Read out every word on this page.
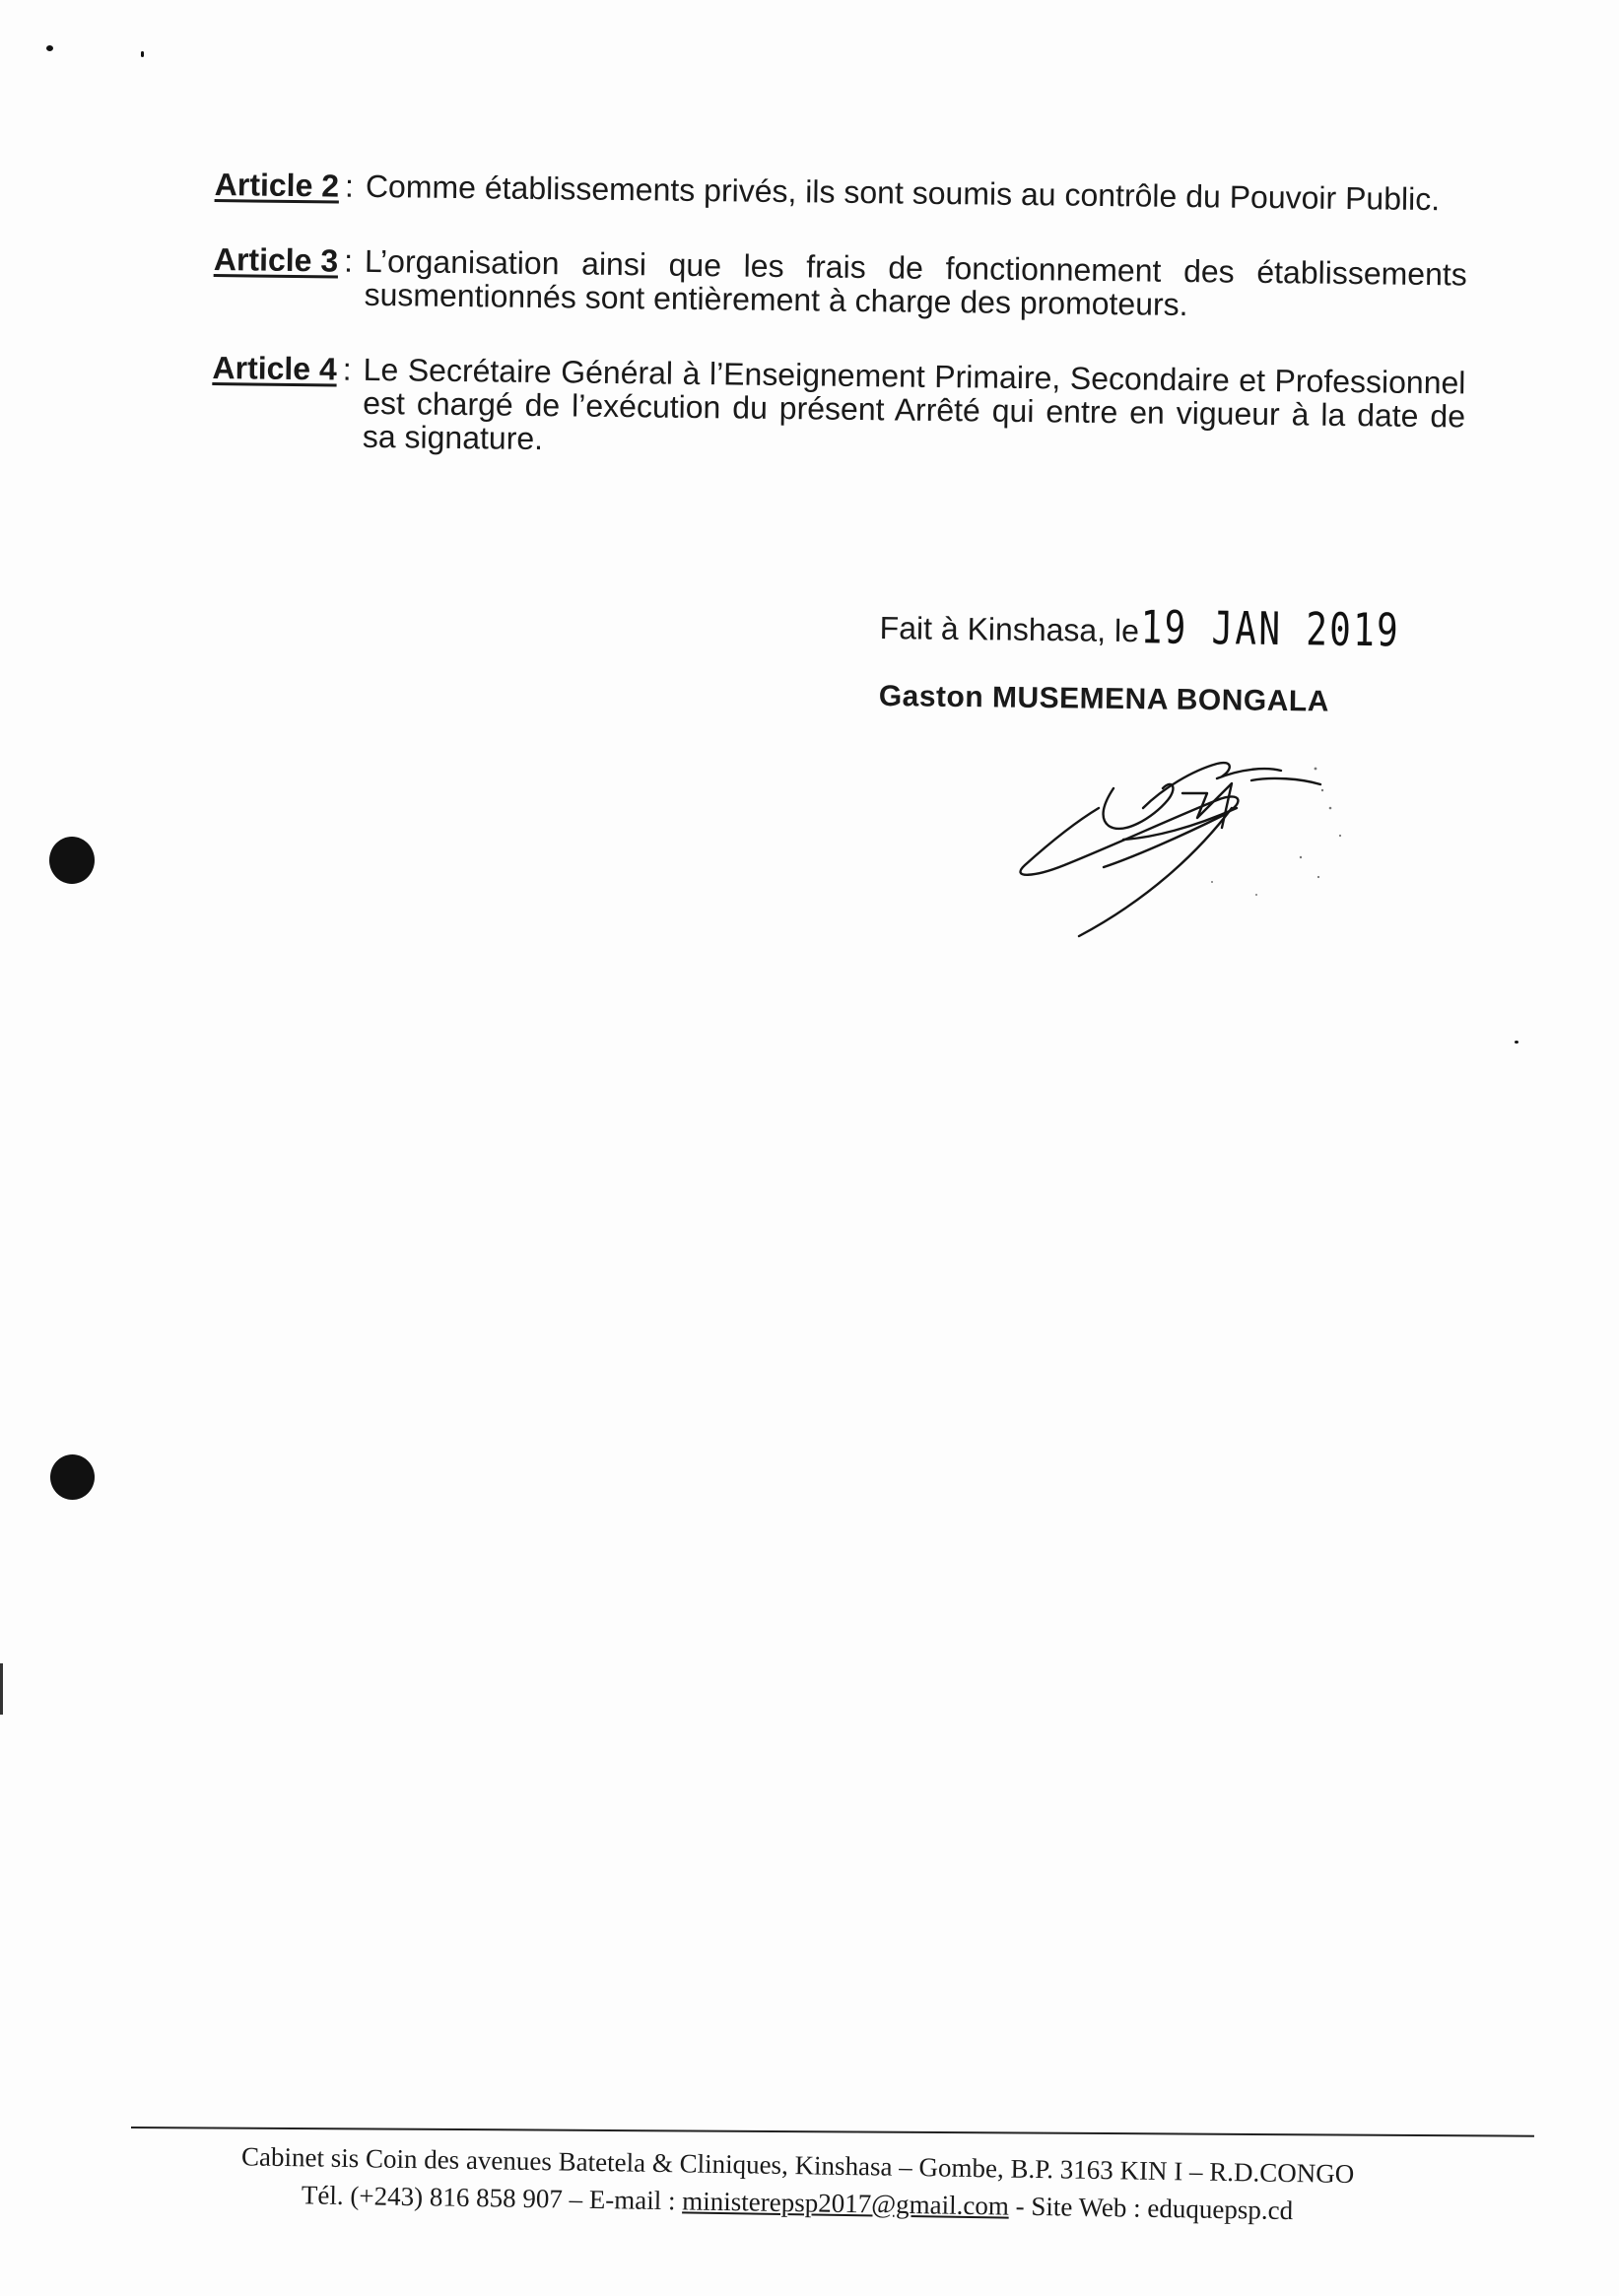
Article 2 : Comme établissements privés, ils sont soumis au contrôle du Pouvoir Public.
Article 3 : L’organisation ainsi que les frais de fonctionnement des établissements susmentionnés sont entièrement à charge des promoteurs.
Article 4 : Le Secrétaire Général à l’Enseignement Primaire, Secondaire et Professionnel est chargé de l’exécution du présent Arrêté qui entre en vigueur à la date de sa signature.
Fait à Kinshasa, le 19 JAN 2019
Gaston MUSEMENA BONGALA
Cabinet sis Coin des avenues Batetela & Cliniques, Kinshasa – Gombe, B.P. 3163 KIN I – R.D.CONGO
Tél. (+243) 816 858 907 – E-mail : ministerepsp2017@gmail.com - Site Web : eduquepsp.cd
